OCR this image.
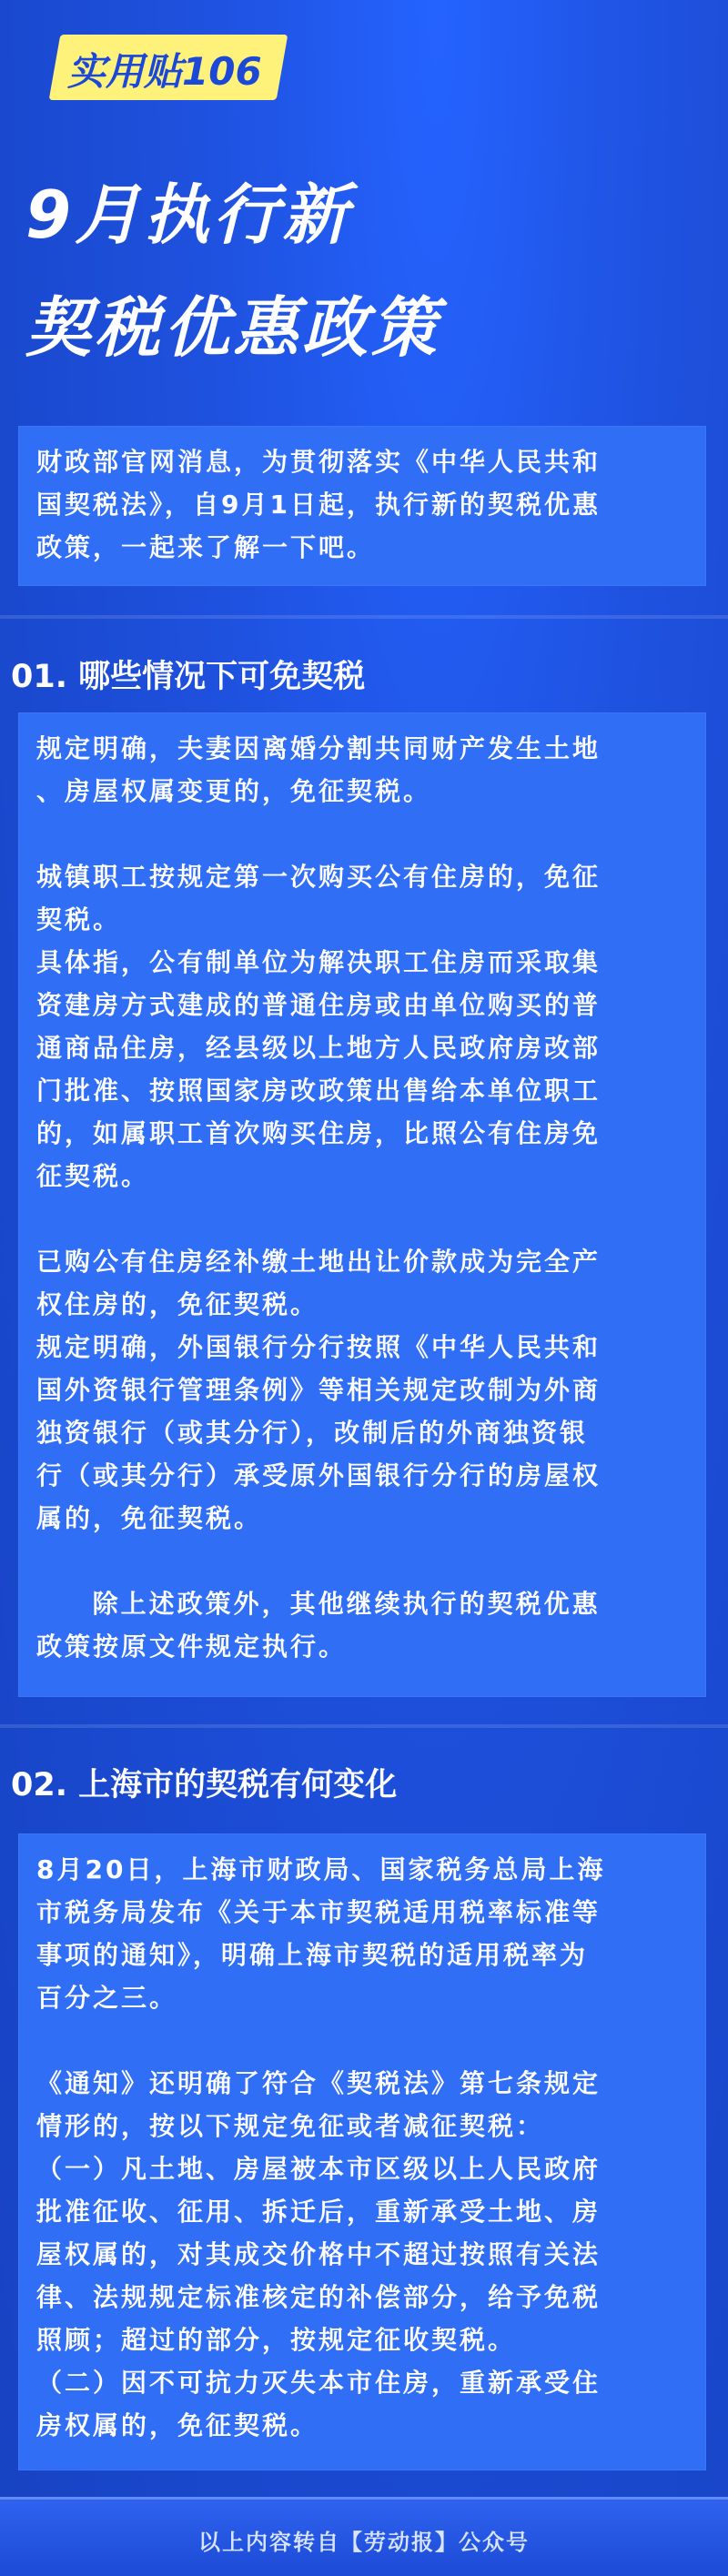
实用贴106
9月执行新
契税优惠政策

财政部官网消息，为贯彻落实《中华人民共和

国契税法》，自9月1日起，执行新的契税优惠

政策，一起来了解一下吧。

01. 哪些情况下可免契税

规定明确，夫妻因离婚分割共同财产发生土地

、房屋权属变更的，免征契税。

城镇职工按规定第一次购买公有住房的，免征

契税。

具体指，公有制单位为解决职工住房而采取集

资建房方式建成的普通住房或由单位购买的普

通商品住房，经县级以上地方人民政府房改部

门批准、按照国家房改政策出售给本单位职工

的，如属职工首次购买住房，比照公有住房免

征契税。

已购公有住房经补缴土地出让价款成为完全产

权住房的，免征契税。

规定明确，外国银行分行按照《中华人民共和

国外资银行管理条例》等相关规定改制为外商

独资银行（或其分行），改制后的外商独资银

行（或其分行）承受原外国银行分行的房屋权

属的，免征契税。

除上述政策外，其他继续执行的契税优惠

政策按原文件规定执行。

02. 上海市的契税有何变化

8月20日，上海市财政局、国家税务总局上海

市税务局发布《关于本市契税适用税率标准等

事项的通知》，明确上海市契税的适用税率为

百分之三。

《通知》还明确了符合《契税法》第七条规定

情形的，按以下规定免征或者减征契税：

（一）凡土地、房屋被本市区级以上人民政府

批准征收、征用、拆迁后，重新承受土地、房

屋权属的，对其成交价格中不超过按照有关法

律、法规规定标准核定的补偿部分，给予免税

照顾；超过的部分，按规定征收契税。

（二）因不可抗力灭失本市住房，重新承受住

房权属的，免征契税。

以上内容转自【劳动报】公众号
